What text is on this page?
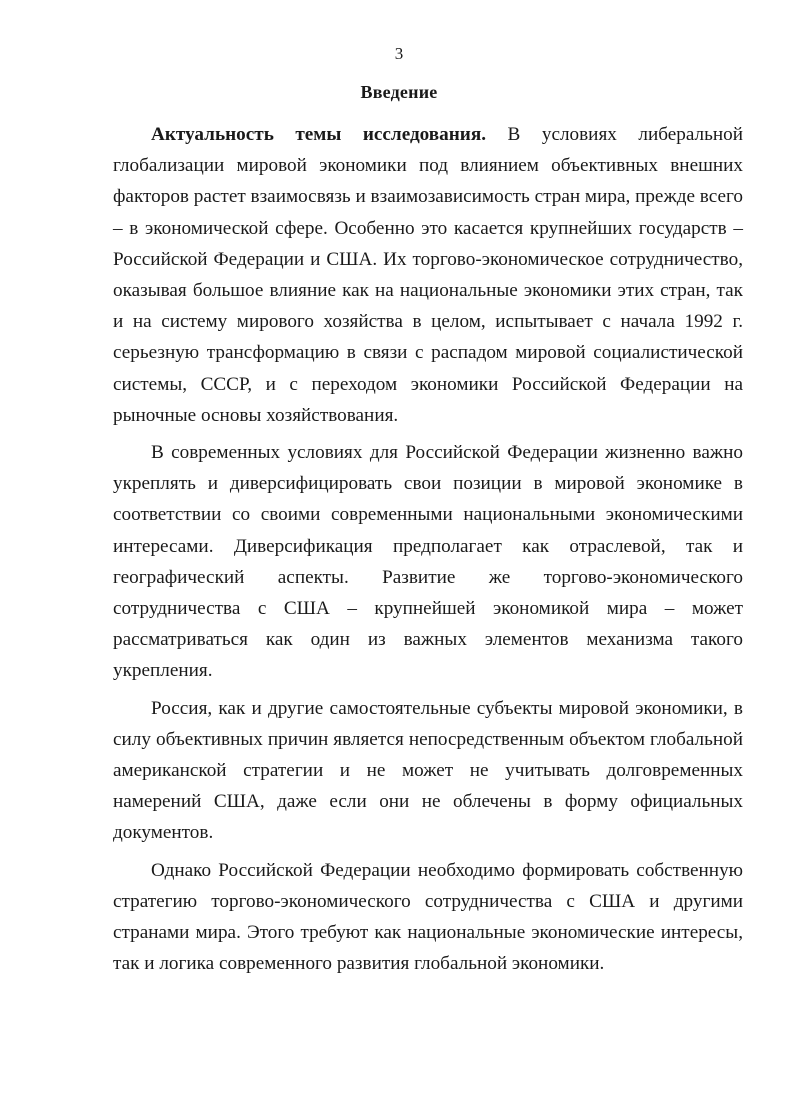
3
Введение

Актуальность темы исследования. В условиях либеральной глобализации мировой экономики под влиянием объективных внешних факторов растет взаимосвязь и взаимозависимость стран мира, прежде всего – в экономической сфере. Особенно это касается крупнейших государств – Российской Федерации и США. Их торгово-экономическое сотрудничество, оказывая большое влияние как на национальные экономики этих стран, так и на систему мирового хозяйства в целом, испытывает с начала 1992 г. серьезную трансформацию в связи с распадом мировой социалистической системы, СССР, и с переходом экономики Российской Федерации на рыночные основы хозяйствования.

В современных условиях для Российской Федерации жизненно важно укреплять и диверсифицировать свои позиции в мировой экономике в соответствии со своими современными национальными экономическими интересами. Диверсификация предполагает как отраслевой, так и географический аспекты. Развитие же торгово-экономического сотрудничества с США – крупнейшей экономикой мира – может рассматриваться как один из важных элементов механизма такого укрепления.

Россия, как и другие самостоятельные субъекты мировой экономики, в силу объективных причин является непосредственным объектом глобальной американской стратегии и не может не учитывать долговременных намерений США, даже если они не облечены в форму официальных документов.

Однако Российской Федерации необходимо формировать собственную стратегию торгово-экономического сотрудничества с США и другими странами мира. Этого требуют как национальные экономические интересы, так и логика современного развития глобальной экономики.
